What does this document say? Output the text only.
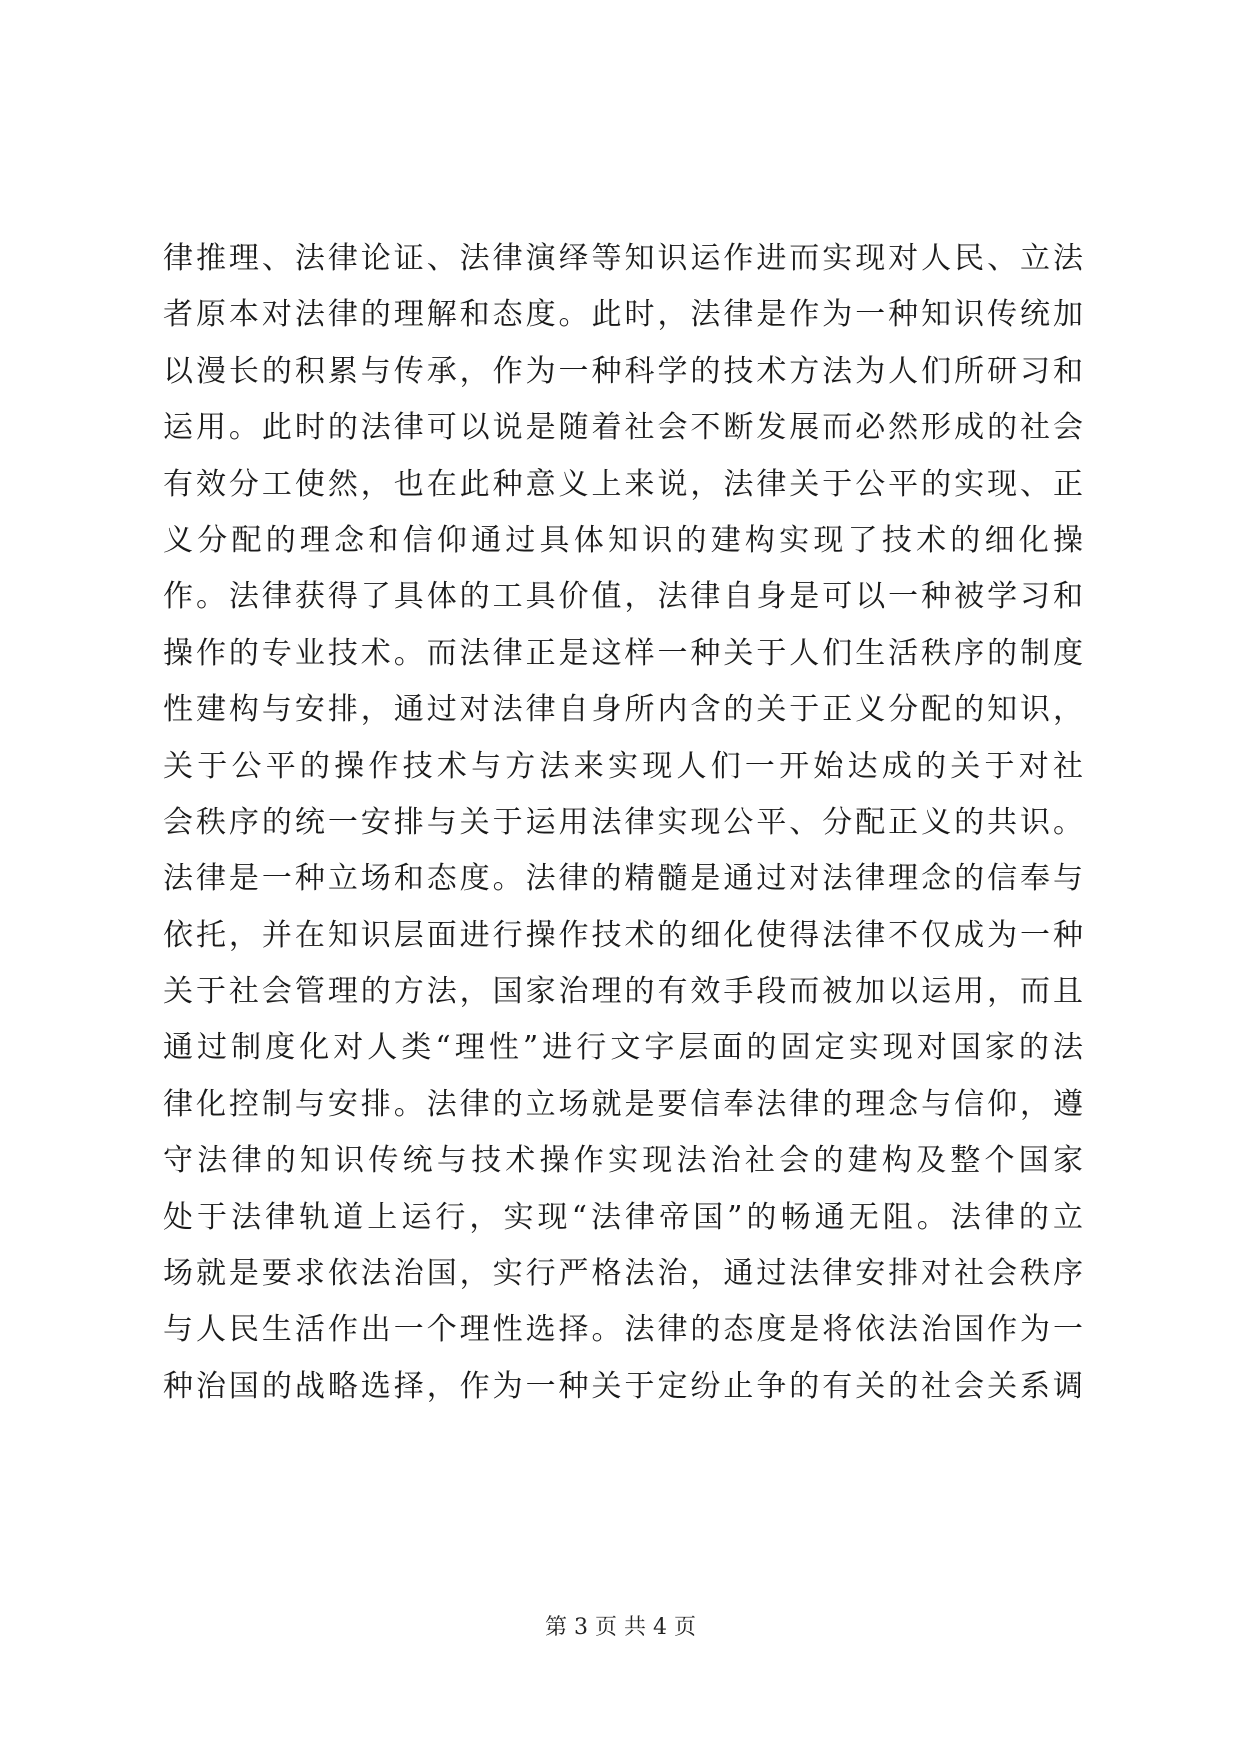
律推理、法律论证、法律演绎等知识运作进而实现对人民、立法
者原本对法律的理解和态度。此时，法律是作为一种知识传统加
以漫长的积累与传承，作为一种科学的技术方法为人们所研习和
运用。此时的法律可以说是随着社会不断发展而必然形成的社会
有效分工使然，也在此种意义上来说，法律关于公平的实现、正
义分配的理念和信仰通过具体知识的建构实现了技术的细化操
作。法律获得了具体的工具价值，法律自身是可以一种被学习和
操作的专业技术。而法律正是这样一种关于人们生活秩序的制度
性建构与安排，通过对法律自身所内含的关于正义分配的知识，
关于公平的操作技术与方法来实现人们一开始达成的关于对社
会秩序的统一安排与关于运用法律实现公平、分配正义的共识。
法律是一种立场和态度。法律的精髓是通过对法律理念的信奉与
依托，并在知识层面进行操作技术的细化使得法律不仅成为一种
关于社会管理的方法，国家治理的有效手段而被加以运用，而且
通过制度化对人类“理性”进行文字层面的固定实现对国家的法
律化控制与安排。法律的立场就是要信奉法律的理念与信仰，遵
守法律的知识传统与技术操作实现法治社会的建构及整个国家
处于法律轨道上运行，实现“法律帝国”的畅通无阻。法律的立
场就是要求依法治国，实行严格法治，通过法律安排对社会秩序
与人民生活作出一个理性选择。法律的态度是将依法治国作为一
种治国的战略选择，作为一种关于定纷止争的有关的社会关系调
第 3 页 共 4 页
